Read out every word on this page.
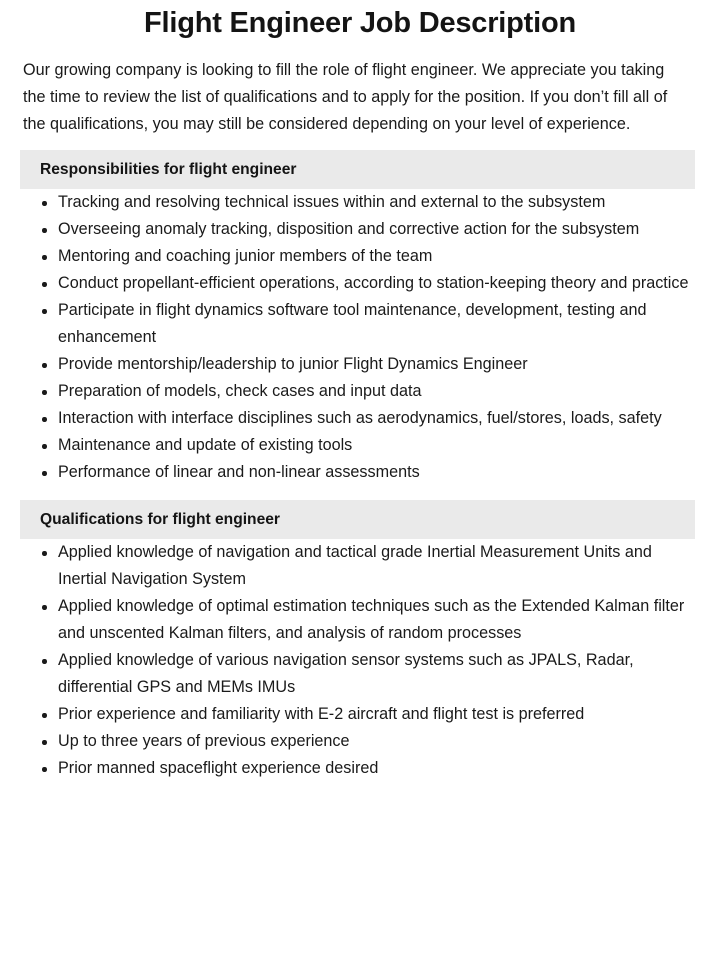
Flight Engineer Job Description

Our growing company is looking to fill the role of flight engineer. We appreciate you taking the time to review the list of qualifications and to apply for the position. If you don’t fill all of the qualifications, you may still be considered depending on your level of experience.

Responsibilities for flight engineer
Tracking and resolving technical issues within and external to the subsystem
Overseeing anomaly tracking, disposition and corrective action for the subsystem
Mentoring and coaching junior members of the team
Conduct propellant-efficient operations, according to station-keeping theory and practice
Participate in flight dynamics software tool maintenance, development, testing and enhancement
Provide mentorship/leadership to junior Flight Dynamics Engineer
Preparation of models, check cases and input data
Interaction with interface disciplines such as aerodynamics, fuel/stores, loads, safety
Maintenance and update of existing tools
Performance of linear and non-linear assessments
Qualifications for flight engineer
Applied knowledge of navigation and tactical grade Inertial Measurement Units and Inertial Navigation System
Applied knowledge of optimal estimation techniques such as the Extended Kalman filter and unscented Kalman filters, and analysis of random processes
Applied knowledge of various navigation sensor systems such as JPALS, Radar, differential GPS and MEMs IMUs
Prior experience and familiarity with E-2 aircraft and flight test is preferred
Up to three years of previous experience
Prior manned spaceflight experience desired
